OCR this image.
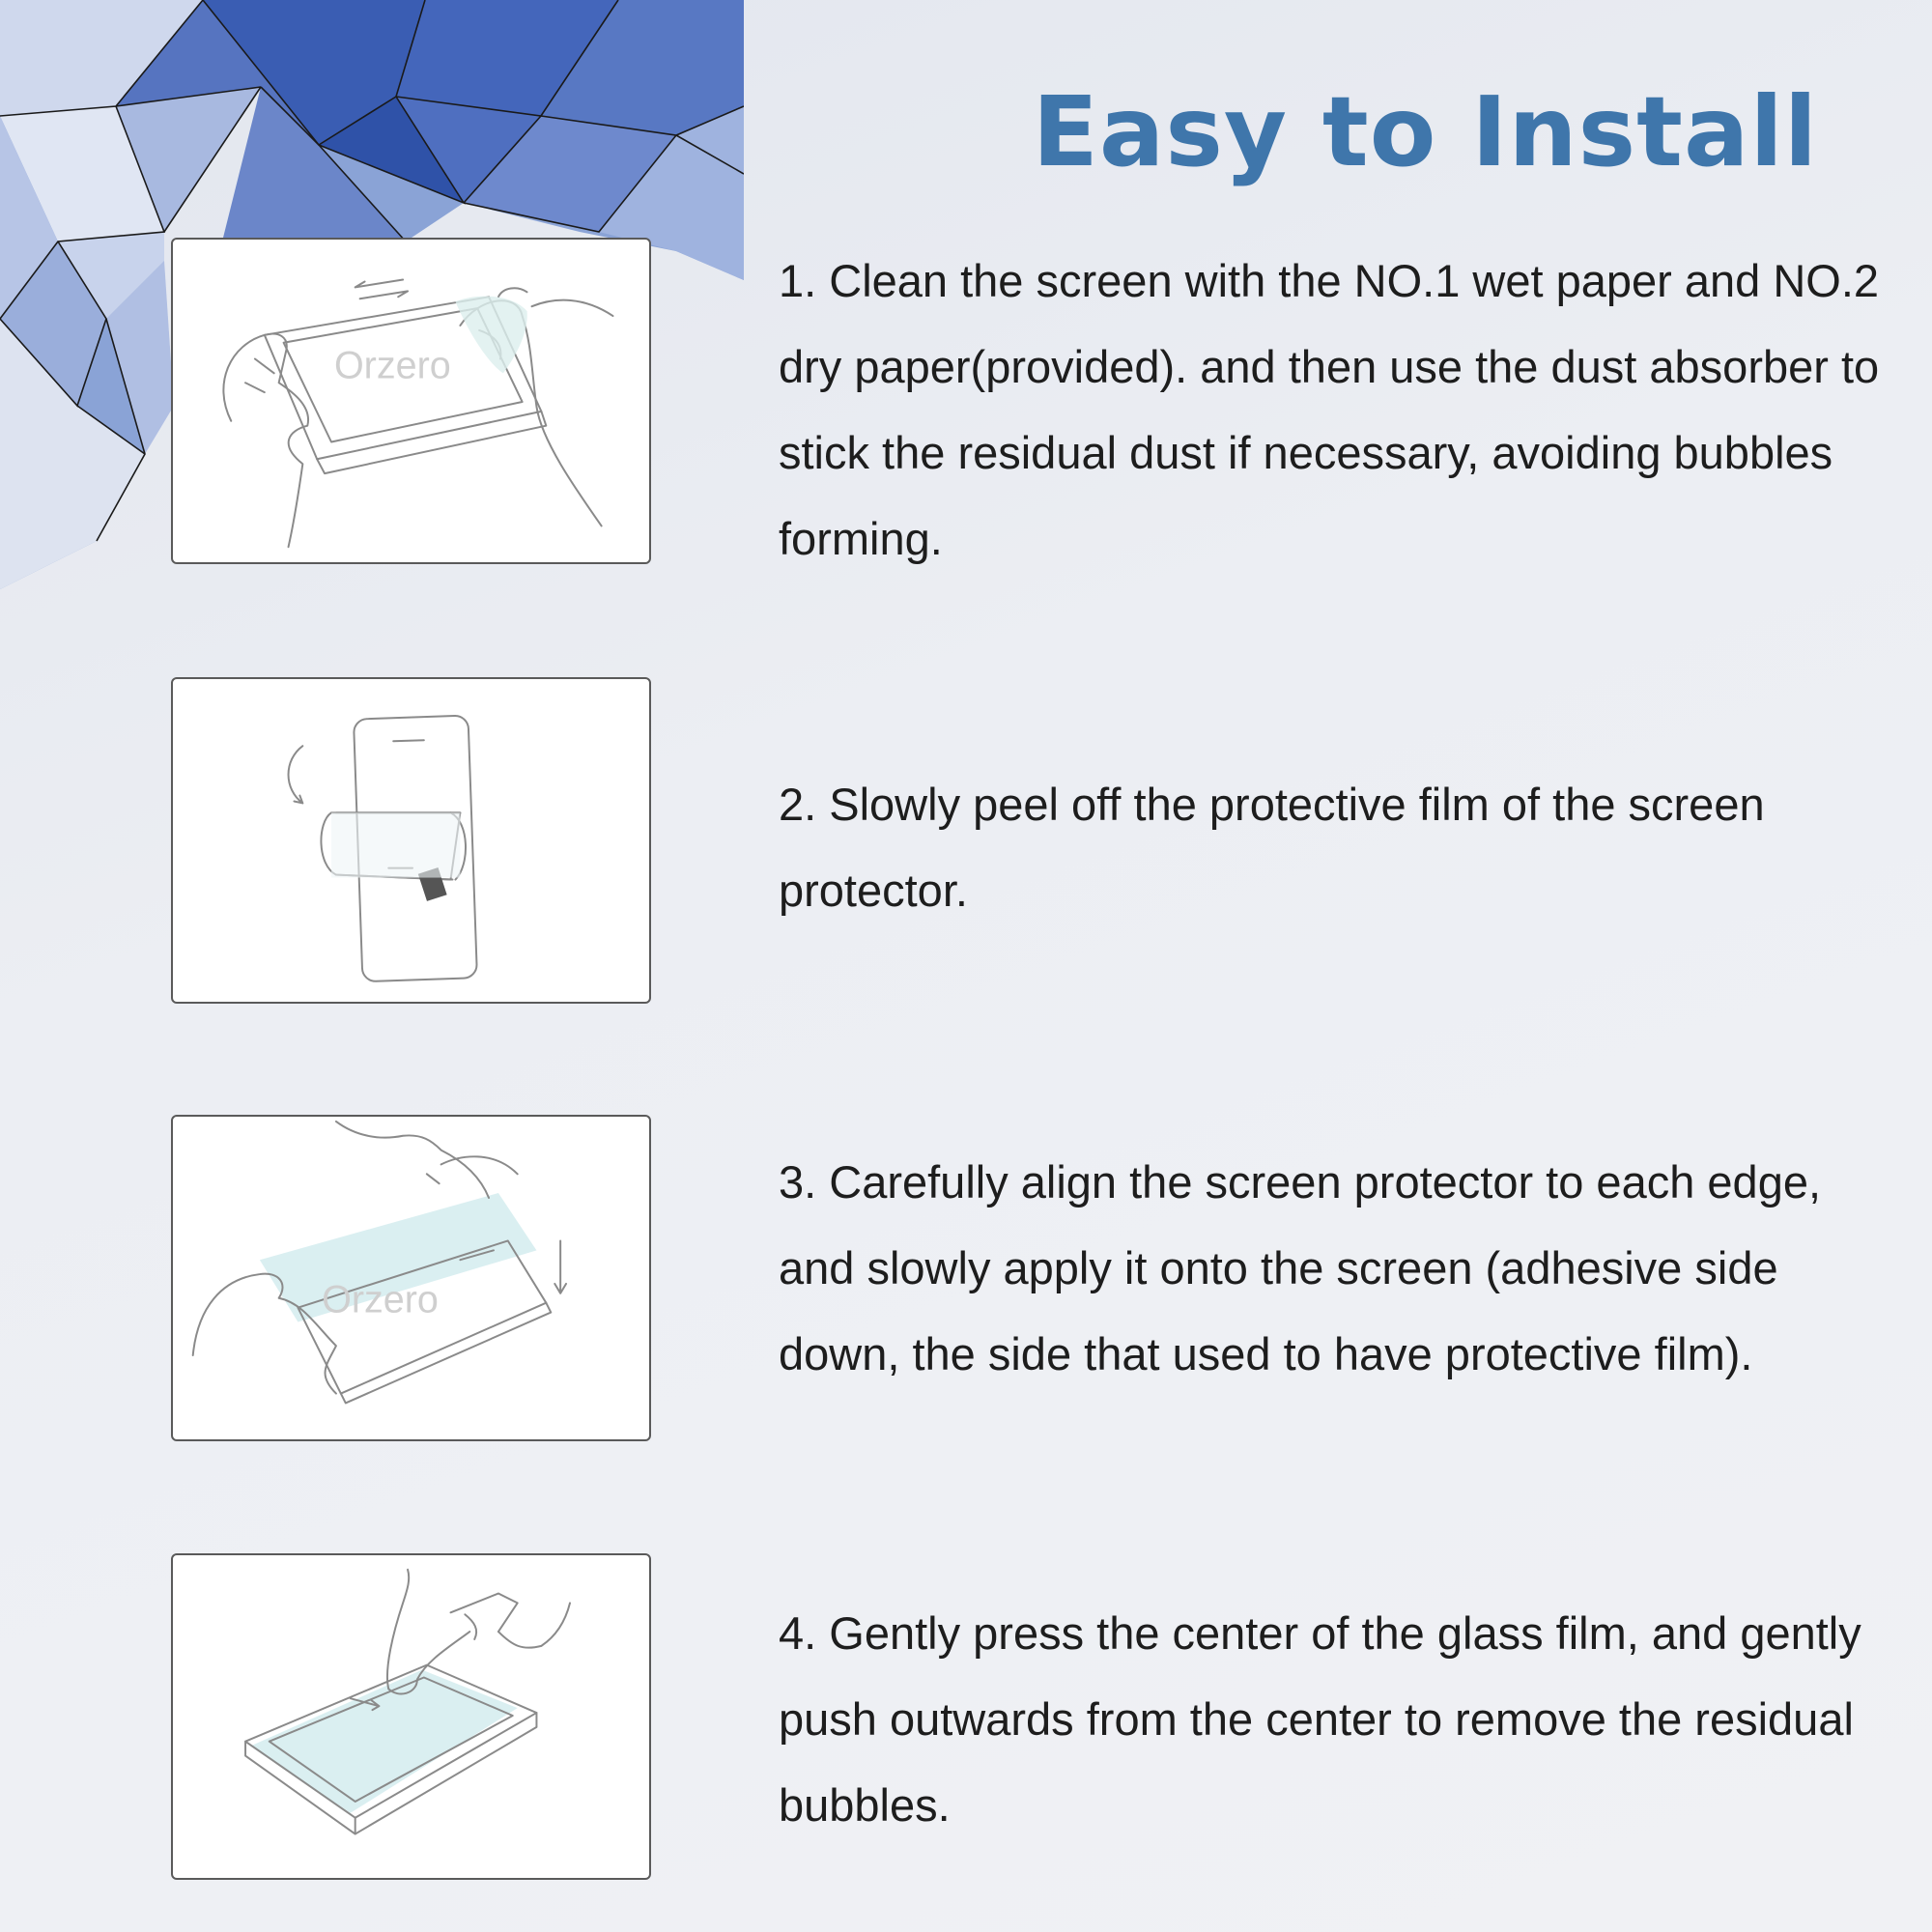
Easy to Install
Orzero
Orzero

1. Clean the screen with the NO.1 wet paper and NO.2 dry paper(provided). and then use the dust absorber to stick the residual dust if necessary, avoiding bubbles forming.

2. Slowly peel off the protective film of the screen protector.

3. Carefully align the screen protector to each edge, and slowly apply it onto the screen (adhesive side down, the side that used to have protective film).

4. Gently press the center of the glass film, and gently push outwards from the center to remove the residual bubbles.
